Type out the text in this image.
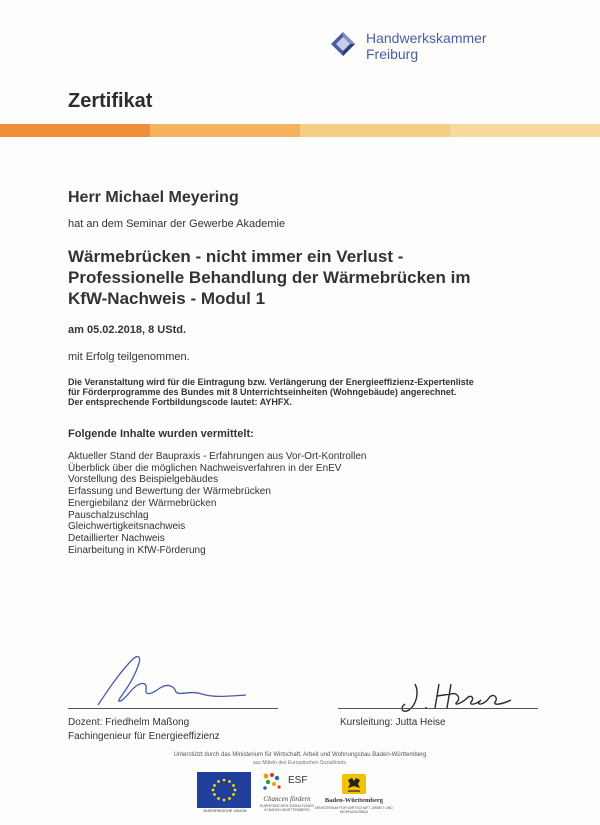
Handwerkskammer
Freiburg
Zertifikat
Herr Michael Meyering
hat an dem Seminar der Gewerbe Akademie
Wärmebrücken - nicht immer ein Verlust -
Professionelle Behandlung der Wärmebrücken im
KfW-Nachweis - Modul 1
am 05.02.2018, 8 UStd.
mit Erfolg teilgenommen.
Die Veranstaltung wird für die Eintragung bzw. Verlängerung der Energieeffizienz-Expertenliste
für Förderprogramme des Bundes mit 8 Unterrichtseinheiten (Wohngebäude) angerechnet.
Der entsprechende Fortbildungscode lautet: AYHFX.
Folgende Inhalte wurden vermittelt:
Aktueller Stand der Baupraxis - Erfahrungen aus Vor-Ort-Kontrollen
Überblick über die möglichen Nachweisverfahren in der EnEV
Vorstellung des Beispielgebäudes
Erfassung und Bewertung der Wärmebrücken
Energiebilanz der Wärmebrücken
Pauschalzuschlag
Gleichwertigkeitsnachweis
Detaillierter Nachweis
Einarbeitung in KfW-Förderung
Dozent: Friedhelm Maßong
Fachingenieur für Energieeffizienz
Kursleitung: Jutta Heise
Unterstützt durch das Ministerium für Wirtschaft, Arbeit und Wohnungsbau Baden-Württemberg
aus Mitteln des Europäischen Sozialfonds.
EUROPÄISCHE UNION
ESF
Chancen fördern
EUROPÄISCHER SOZIALFONDS IN BADEN-WÜRTTEMBERG
Baden-Württemberg
MINISTERIUM FÜR WIRTSCHAFT, ARBEIT UND WOHNUNGSBAU
